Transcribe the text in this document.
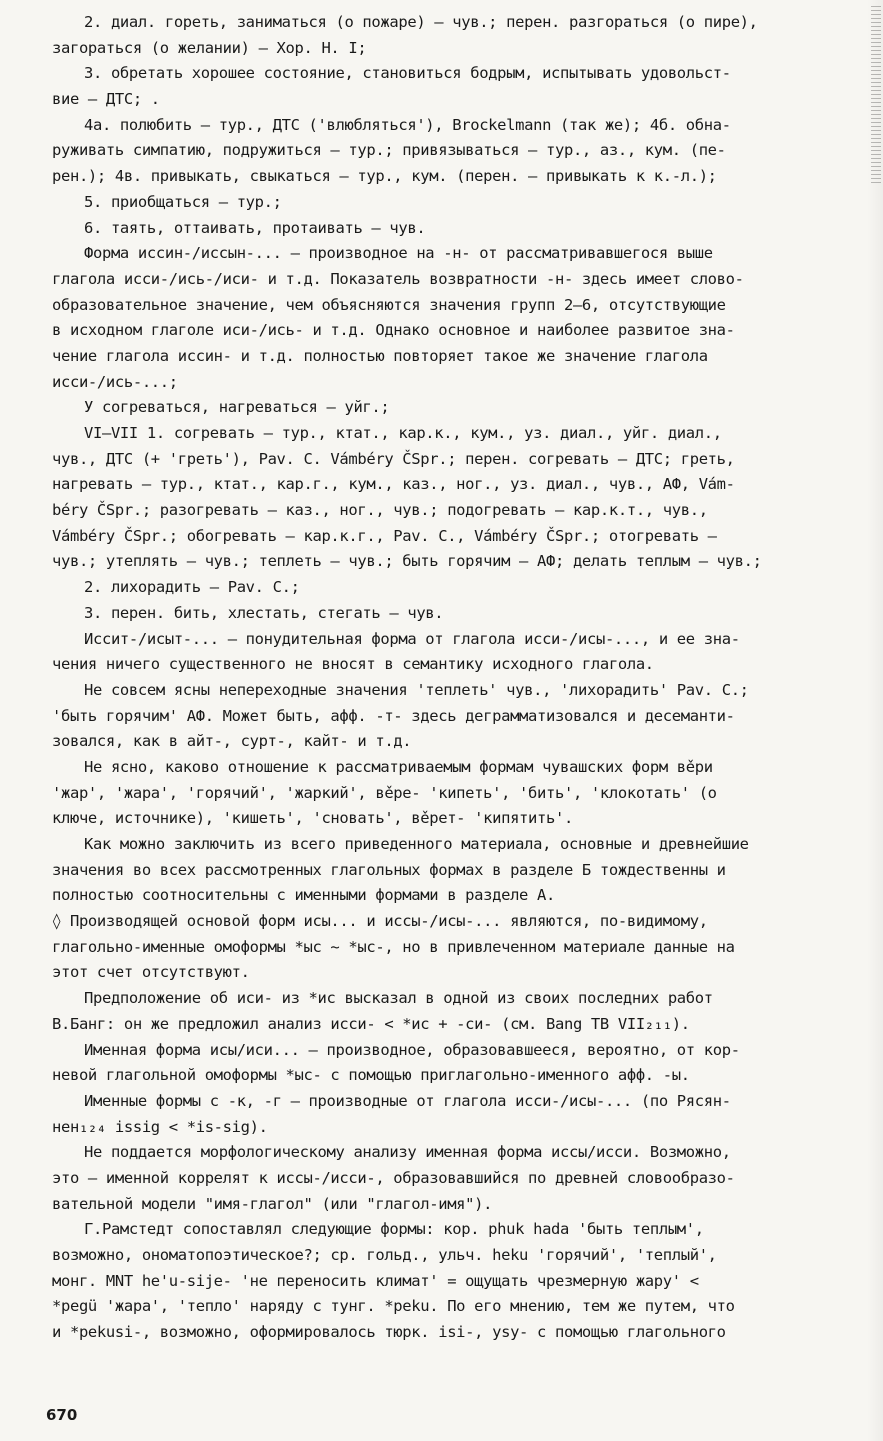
2. диал. гореть, заниматься (о пожаре) – чув.; перен. разгораться (о пире),
загораться (о желании) – Хор. Н. I;
3. обретать хорошее состояние, становиться бодрым, испытывать удовольст-
вие – ДТС; .
4а. полюбить – тур., ДТС ('влюбляться'), Brockelmann (так же); 4б. обна-
руживать симпатию, подружиться – тур.; привязываться – тур., аз., кум. (пе-
рен.); 4в. привыкать, свыкаться – тур., кум. (перен. – привыкать к к.-л.);
5. приобщаться – тур.;
6. таять, оттаивать, протаивать – чув.
Форма иссин-/иссын-... – производное на -н- от рассматривавшегося выше
глагола исси-/ись-/иси- и т.д. Показатель возвратности -н- здесь имеет слово-
образовательное значение, чем объясняются значения групп 2–6, отсутствующие
в исходном глаголе иси-/ись- и т.д. Однако основное и наиболее развитое зна-
чение глагола иссин- и т.д. полностью повторяет такое же значение глагола
исси-/ись-...;
У согреваться, нагреваться – уйг.;
VI–VII 1. согревать – тур., ктат., кар.к., кум., уз. диал., уйг. диал.,
чув., ДТС (+ 'греть'), Pav. C. Vámbéry ČSpr.; перен. согревать – ДТС; греть,
нагревать – тур., ктат., кар.г., кум., каз., ног., уз. диал., чув., АФ, Vám-
béry ČSpr.; разогревать – каз., ног., чув.; подогревать – кар.к.т., чув.,
Vámbéry ČSpr.; обогревать – кар.к.г., Pav. C., Vámbéry ČSpr.; отогревать –
чув.; утеплять – чув.; теплеть – чув.; быть горячим – АФ; делать теплым – чув.;
2. лихорадить – Pav. C.;
3. перен. бить, хлестать, стегать – чув.
Иссит-/исыт-... – понудительная форма от глагола исси-/исы-..., и ее зна-
чения ничего существенного не вносят в семантику исходного глагола.
Не совсем ясны непереходные значения 'теплеть' чув., 'лихорадить' Pav. C.;
'быть горячим' АФ. Может быть, афф. -т- здесь деграмматизовался и десеманти-
зовался, как в айт-, сурт-, кайт- и т.д.
Не ясно, каково отношение к рассматриваемым формам чувашских форм вěри
'жар', 'жара', 'горячий', 'жаркий', вěре- 'кипеть', 'бить', 'клокотать' (о
ключе, источнике), 'кишеть', 'сновать', вěрет- 'кипятить'.
Как можно заключить из всего приведенного материала, основные и древнейшие
значения во всех рассмотренных глагольных формах в разделе Б тождественны и
полностью соотносительны с именными формами в разделе А.
◊ Производящей основой форм исы... и иссы-/исы-... являются, по-видимому,
глагольно-именные омоформы *ыс ~ *ыс-, но в привлеченном материале данные на
этот счет отсутствуют.
Предположение об иси- из *ис высказал в одной из своих последних работ
В.Банг: он же предложил анализ исси- < *ис + -си- (см. Bang TB VII₂₁₁).
Именная форма исы/иси... – производное, образовавшееся, вероятно, от кор-
невой глагольной омоформы *ыс- с помощью приглагольно-именного афф. -ы.
Именные формы с -к, -г – производные от глагола исси-/исы-... (по Рясян-
нен₁₂₄ issig < *is-sig).
Не поддается морфологическому анализу именная форма иссы/исси. Возможно,
это – именной коррелят к иссы-/исси-, образовавшийся по древней словообразо-
вательной модели "имя-глагол" (или "глагол-имя").
Г.Рамстедт сопоставлял следующие формы: кор. phuk hada 'быть теплым',
возможно, ономатопоэтическое?; ср. гольд., ульч. heku 'горячий', 'теплый',
монг. MNT he'u-sije- 'не переносить климат' = ощущать чрезмерную жару' <
*pegü 'жара', 'тепло' наряду с тунг. *peku. По его мнению, тем же путем, что
и *pekusi-, возможно, оформировалось тюрк. isi-, ysy- с помощью глагольного
670
